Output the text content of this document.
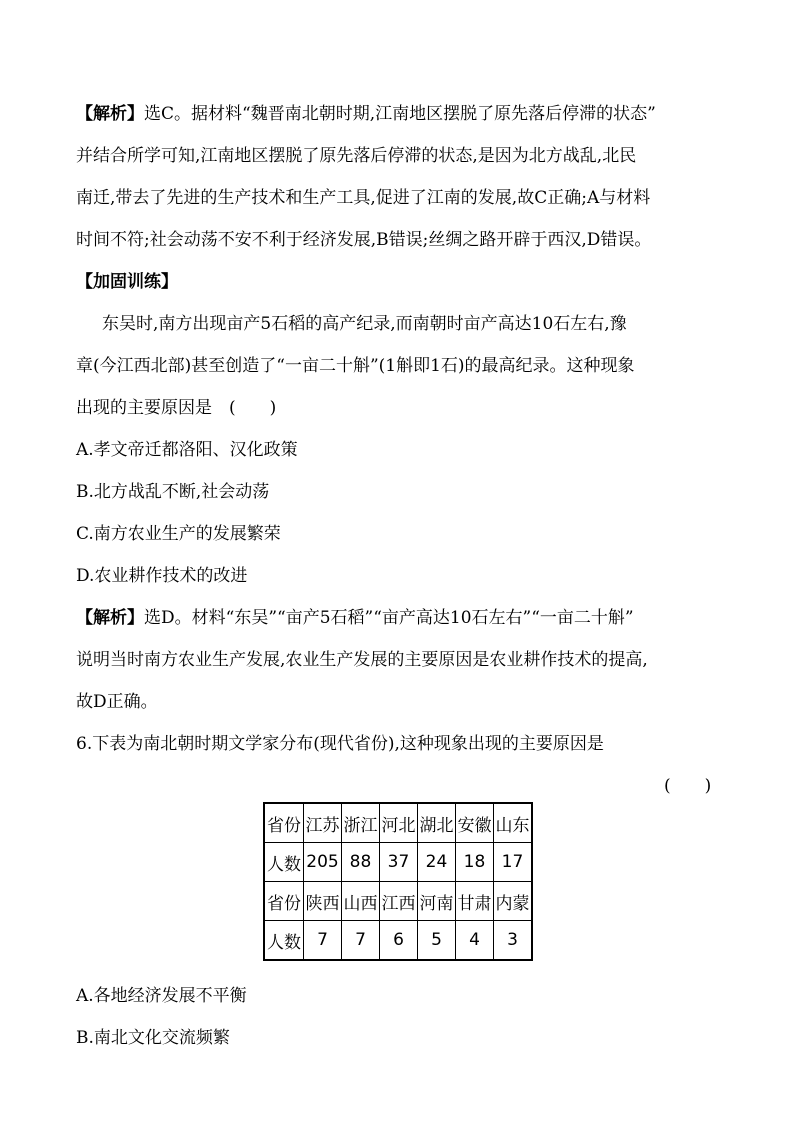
【解析】选C。据材料“魏晋南北朝时期,江南地区摆脱了原先落后停滞的状态”
并结合所学可知,江南地区摆脱了原先落后停滞的状态,是因为北方战乱,北民
南迁,带去了先进的生产技术和生产工具,促进了江南的发展,故C正确;A与材料
时间不符;社会动荡不安不利于经济发展,B错误;丝绸之路开辟于西汉,D错误。
【加固训练】
东吴时,南方出现亩产5石稻的高产纪录,而南朝时亩产高达10石左右,豫
章(今江西北部)甚至创造了“一亩二十斛”(1斛即1石)的最高纪录。这种现象
出现的主要原因是　(　　)
A.孝文帝迁都洛阳、汉化政策
B.北方战乱不断,社会动荡
C.南方农业生产的发展繁荣
D.农业耕作技术的改进
【解析】选D。材料“东吴”“亩产5石稻”“亩产高达10石左右”“一亩二十斛”
说明当时南方农业生产发展,农业生产发展的主要原因是农业耕作技术的提高,
故D正确。
6.下表为南北朝时期文学家分布(现代省份),这种现象出现的主要原因是
(　　)
省份	江苏	浙江	河北	湖北	安徽	山东
人数	205	88	37	24	18	17
省份	陕西	山西	江西	河南	甘肃	内蒙
人数	7	7	6	5	4	3
A.各地经济发展不平衡
B.南北文化交流频繁
